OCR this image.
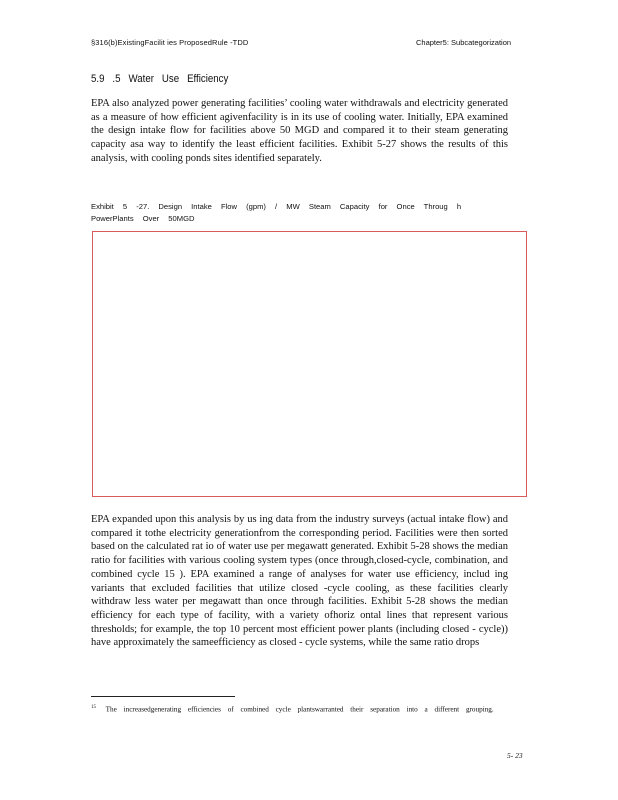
§316(b)ExistingFacilit ies ProposedRule -TDD	Chapter5: Subcategorization
5.9 .5 Water Use Efficiency
EPA also analyzed power generating facilities’ cooling water withdrawals and electricity generated as a measure of how efficient agivenfacility is in its use of cooling water. Initially, EPA examined the design intake flow for facilities above 50 MGD and compared it to their steam generating capacity asa way to identify the least efficient facilities. Exhibit 5-27 shows the results of this analysis, with cooling ponds sites identified separately.
Exhibit 5 -27. Design Intake Flow (gpm) / MW Steam Capacity for Once Throug h PowerPlants Over 50MGD
EPA expanded upon this analysis by us ing data from the industry surveys (actual intake flow) and compared it tothe electricity generationfrom the corresponding period. Facilities were then sorted based on the calculated rat io of water use per megawatt generated. Exhibit 5-28 shows the median ratio for facilities with various cooling system types (once through,closed-cycle, combination, and combined cycle 15 ). EPA examined a range of analyses for water use efficiency, includ ing variants that excluded facilities that utilize closed -cycle cooling, as these facilities clearly withdraw less water per megawatt than once through facilities. Exhibit 5-28 shows the median efficiency for each type of facility, with a variety ofhoriz ontal lines that represent various thresholds; for example, the top 10 percent most efficient power plants (including closed - cycle)) have approximately the sameefficiency as closed - cycle systems, while the same ratio drops
$^{15}$ The increasedgenerating efficiencies of combined cycle plantswarranted their separation into a different grouping.
5- 23
